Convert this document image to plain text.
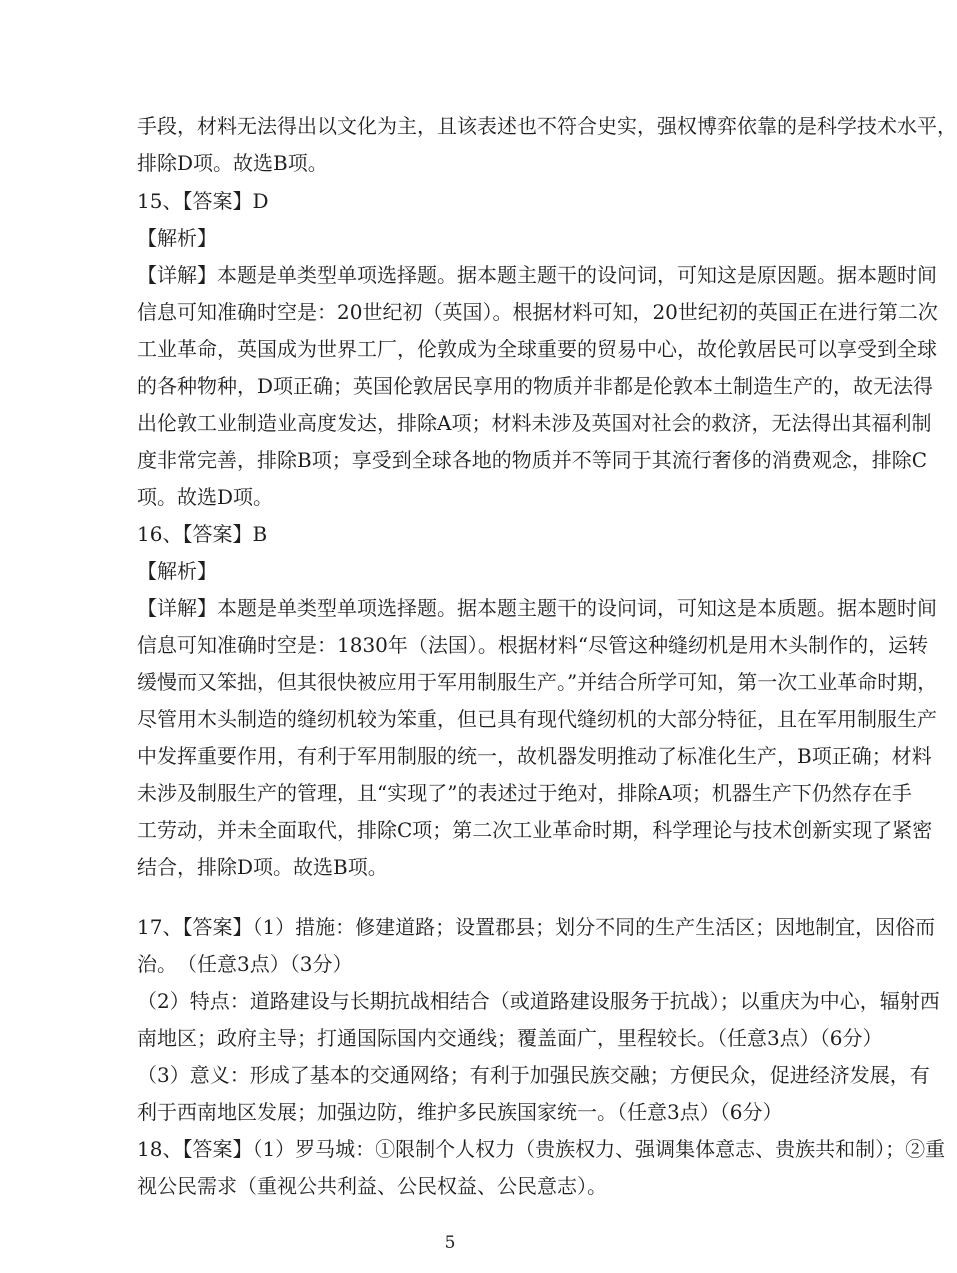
手段，材料无法得出以文化为主，且该表述也不符合史实，强权博弈依靠的是科学技术水平，
排除D项。故选B项。
15、【答案】D
【解析】
【详解】本题是单类型单项选择题。据本题主题干的设问词，可知这是原因题。据本题时间
信息可知准确时空是：20世纪初（英国）。根据材料可知，20世纪初的英国正在进行第二次
工业革命，英国成为世界工厂，伦敦成为全球重要的贸易中心，故伦敦居民可以享受到全球
的各种物种，D项正确；英国伦敦居民享用的物质并非都是伦敦本土制造生产的，故无法得
出伦敦工业制造业高度发达，排除A项；材料未涉及英国对社会的救济，无法得出其福利制
度非常完善，排除B项；享受到全球各地的物质并不等同于其流行奢侈的消费观念，排除C
项。故选D项。
16、【答案】B
【解析】
【详解】本题是单类型单项选择题。据本题主题干的设问词，可知这是本质题。据本题时间
信息可知准确时空是：1830年（法国）。根据材料“尽管这种缝纫机是用木头制作的，运转
缓慢而又笨拙，但其很快被应用于军用制服生产。”并结合所学可知，第一次工业革命时期，
尽管用木头制造的缝纫机较为笨重，但已具有现代缝纫机的大部分特征，且在军用制服生产
中发挥重要作用，有利于军用制服的统一，故机器发明推动了标准化生产，B项正确；材料
未涉及制服生产的管理，且“实现了”的表述过于绝对，排除A项；机器生产下仍然存在手
工劳动，并未全面取代，排除C项；第二次工业革命时期，科学理论与技术创新实现了紧密
结合，排除D项。故选B项。
17、【答案】（1）措施：修建道路；设置郡县；划分不同的生产生活区；因地制宜，因俗而
治。　（任意3点）（3分）
（2）特点：道路建设与长期抗战相结合（或道路建设服务于抗战）；以重庆为中心，辐射西
南地区；政府主导；打通国际国内交通线；覆盖面广，里程较长。（任意3点）（6分）
（3）意义：形成了基本的交通网络；有利于加强民族交融；方便民众，促进经济发展，有
利于西南地区发展；加强边防，维护多民族国家统一。（任意3点）（6分）
18、【答案】（1）罗马城：①限制个人权力（贵族权力、强调集体意志、贵族共和制）；②重
视公民需求（重视公共利益、公民权益、公民意志）。
5
